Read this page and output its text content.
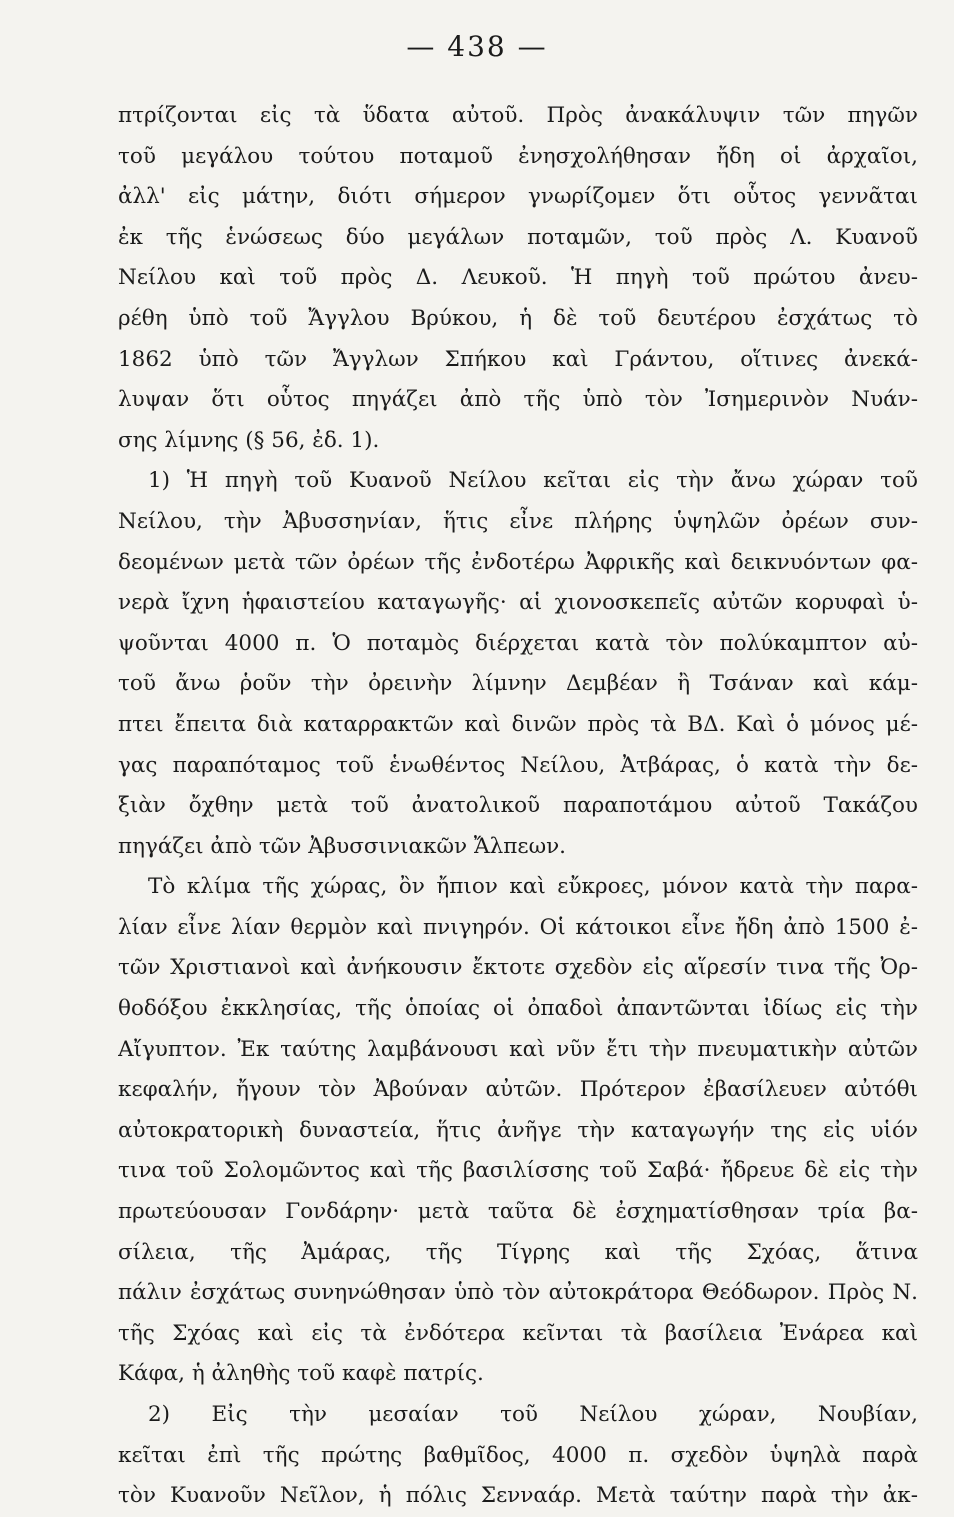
— 438 —
πτρίζονται εἰς τὰ ὕδατα αὐτοῦ. Πρὸς ἀνακάλυψιν τῶν πηγῶν
τοῦ μεγάλου τούτου ποταμοῦ ἐνησχολήθησαν ἤδη οἱ ἀρχαῖοι,
ἀλλ' εἰς μάτην, διότι σήμερον γνωρίζομεν ὅτι οὗτος γεννᾶται
ἐκ τῆς ἑνώσεως δύο μεγάλων ποταμῶν, τοῦ πρὸς Λ. Κυανοῦ
Νείλου καὶ τοῦ πρὸς Δ. Λευκοῦ. Ἡ πηγὴ τοῦ πρώτου ἀνευ-
ρέθη ὑπὸ τοῦ Ἄγγλου Βρύκου, ἡ δὲ τοῦ δευτέρου ἐσχάτως τὸ
1862 ὑπὸ τῶν Ἄγγλων Σπήκου καὶ Γράντου, οἵτινες ἀνεκά-
λυψαν ὅτι οὗτος πηγάζει ἀπὸ τῆς ὑπὸ τὸν Ἰσημερινὸν Νυάν-
σης λίμνης (§ 56, ἐδ. 1).
1) Ἡ πηγὴ τοῦ Κυανοῦ Νείλου κεῖται εἰς τὴν ἄνω χώραν τοῦ
Νείλου, τὴν Ἀβυσσηνίαν, ἥτις εἶνε πλήρης ὑψηλῶν ὀρέων συν-
δεομένων μετὰ τῶν ὀρέων τῆς ἐνδοτέρω Ἀφρικῆς καὶ δεικνυόντων φα-
νερὰ ἴχνη ἡφαιστείου καταγωγῆς· αἱ χιονοσκεπεῖς αὐτῶν κορυφαὶ ὑ-
ψοῦνται 4000 π. Ὁ ποταμὸς διέρχεται κατὰ τὸν πολύκαμπτον αὐ-
τοῦ ἄνω ῥοῦν τὴν ὀρεινὴν λίμνην Δεμβέαν ἢ Τσάναν καὶ κάμ-
πτει ἔπειτα διὰ καταρρακτῶν καὶ δινῶν πρὸς τὰ ΒΔ. Καὶ ὁ μόνος μέ-
γας παραπόταμος τοῦ ἑνωθέντος Νείλου, Ἀτβάρας, ὁ κατὰ τὴν δε-
ξιὰν ὄχθην μετὰ τοῦ ἀνατολικοῦ παραποτάμου αὐτοῦ Τακάζου
πηγάζει ἀπὸ τῶν Ἀβυσσινιακῶν Ἄλπεων.
Τὸ κλίμα τῆς χώρας, ὂν ἤπιον καὶ εὔκρoες, μόνον κατὰ τὴν παρα-
λίαν εἶνε λίαν θερμὸν καὶ πνιγηρόν. Οἱ κάτοικοι εἶνε ἤδη ἀπὸ 1500 ἐ-
τῶν Χριστιανοὶ καὶ ἀνήκουσιν ἔκτοτε σχεδὸν εἰς αἵρεσίν τινα τῆς Ὀρ-
θοδόξου ἐκκλησίας, τῆς ὁποίας οἱ ὀπαδοὶ ἀπαντῶνται ἰδίως εἰς τὴν
Αἴγυπτον. Ἐκ ταύτης λαμβάνουσι καὶ νῦν ἔτι τὴν πνευματικὴν αὐτῶν
κεφαλήν, ἤγουν τὸν Ἀβούναν αὐτῶν. Πρότερον ἐβασίλευεν αὐτόθι
αὐτοκρατορικὴ δυναστεία, ἥτις ἀνῆγε τὴν καταγωγήν της εἰς υἱόν
τινα τοῦ Σολομῶντος καὶ τῆς βασιλίσσης τοῦ Σαβά· ἤδρευε δὲ εἰς τὴν
πρωτεύουσαν Γονδάρην· μετὰ ταῦτα δὲ ἐσχηματίσθησαν τρία βα-
σίλεια, τῆς Ἀμάρας, τῆς Τίγρης καὶ τῆς Σχόας, ἅτινα
πάλιν ἐσχάτως συνηνώθησαν ὑπὸ τὸν αὐτοκράτορα Θεόδωρον. Πρὸς Ν.
τῆς Σχόας καὶ εἰς τὰ ἐνδότερα κεῖνται τὰ βασίλεια Ἐνάρεα καὶ
Κάφα, ἡ ἀληθὴς τοῦ καφὲ πατρίς.
2) Εἰς τὴν μεσαίαν τοῦ Νείλου χώραν, Νουβίαν,
κεῖται ἐπὶ τῆς πρώτης βαθμῖδος, 4000 π. σχεδὸν ὑψηλὰ παρὰ
τὸν Κυανοῦν Νεῖλον, ἡ πόλις Σενναάρ. Μετὰ ταύτην παρὰ τὴν ἀκ-
